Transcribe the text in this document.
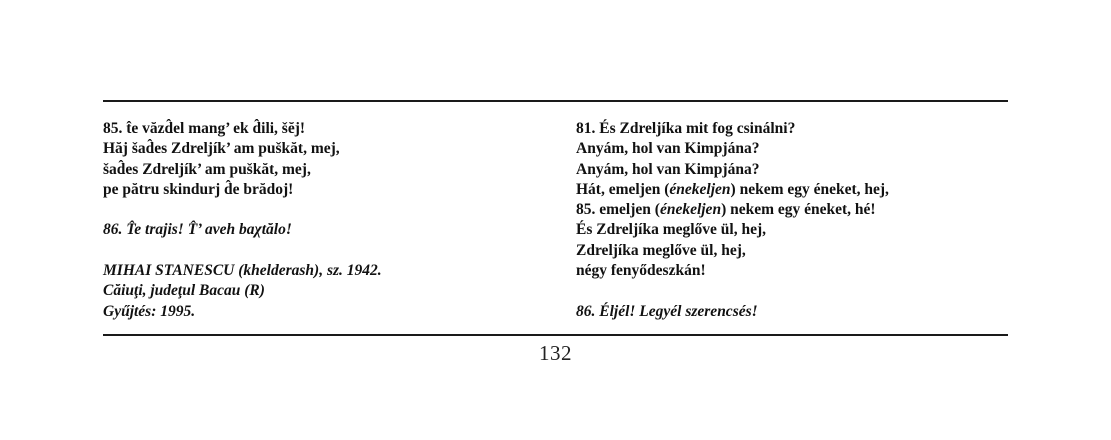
85. t̂e văzd̂el mang’ ek d̂ili, šĕj!
Hăj šad̂es Zdreljík’ am puškăt, mej,
šad̂es Zdreljík’ am puškăt, mej,
pe pătru skindurj d̂e brădoj!
86. T̂e trajis! T̂’ aveh baχtălo!
MIHAI STANESCU (khelderash), sz. 1942.
Căiuţi, judeţul Bacau (R)
Gyűjtés: 1995.
81. És Zdreljíka mit fog csinálni?
Anyám, hol van Kimpjána?
Anyám, hol van Kimpjána?
Hát, emeljen (énekeljen) nekem egy éneket, hej,
85. emeljen (énekeljen) nekem egy éneket, hé!
És Zdreljíka meglővе ül, hej,
Zdreljíka meglővе ül, hej,
négy fenyődeszkán!
86. Éljél! Legyél szerencsés!
132
